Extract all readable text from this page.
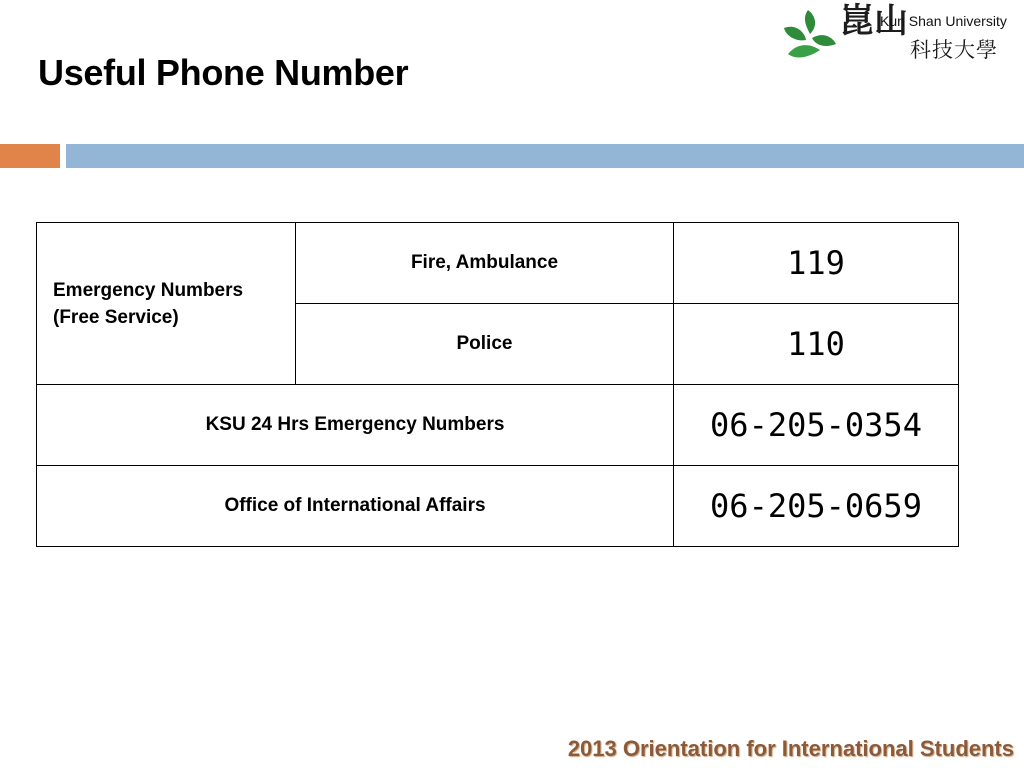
Useful Phone Number
崑山
Kun Shan University
科技大學
Emergency Numbers
(Free Service)	Fire, Ambulance	119
	Police	110
KSU 24 Hrs Emergency Numbers		06-205-0354
Office of International Affairs		06-205-0659
2013 Orientation for International Students
